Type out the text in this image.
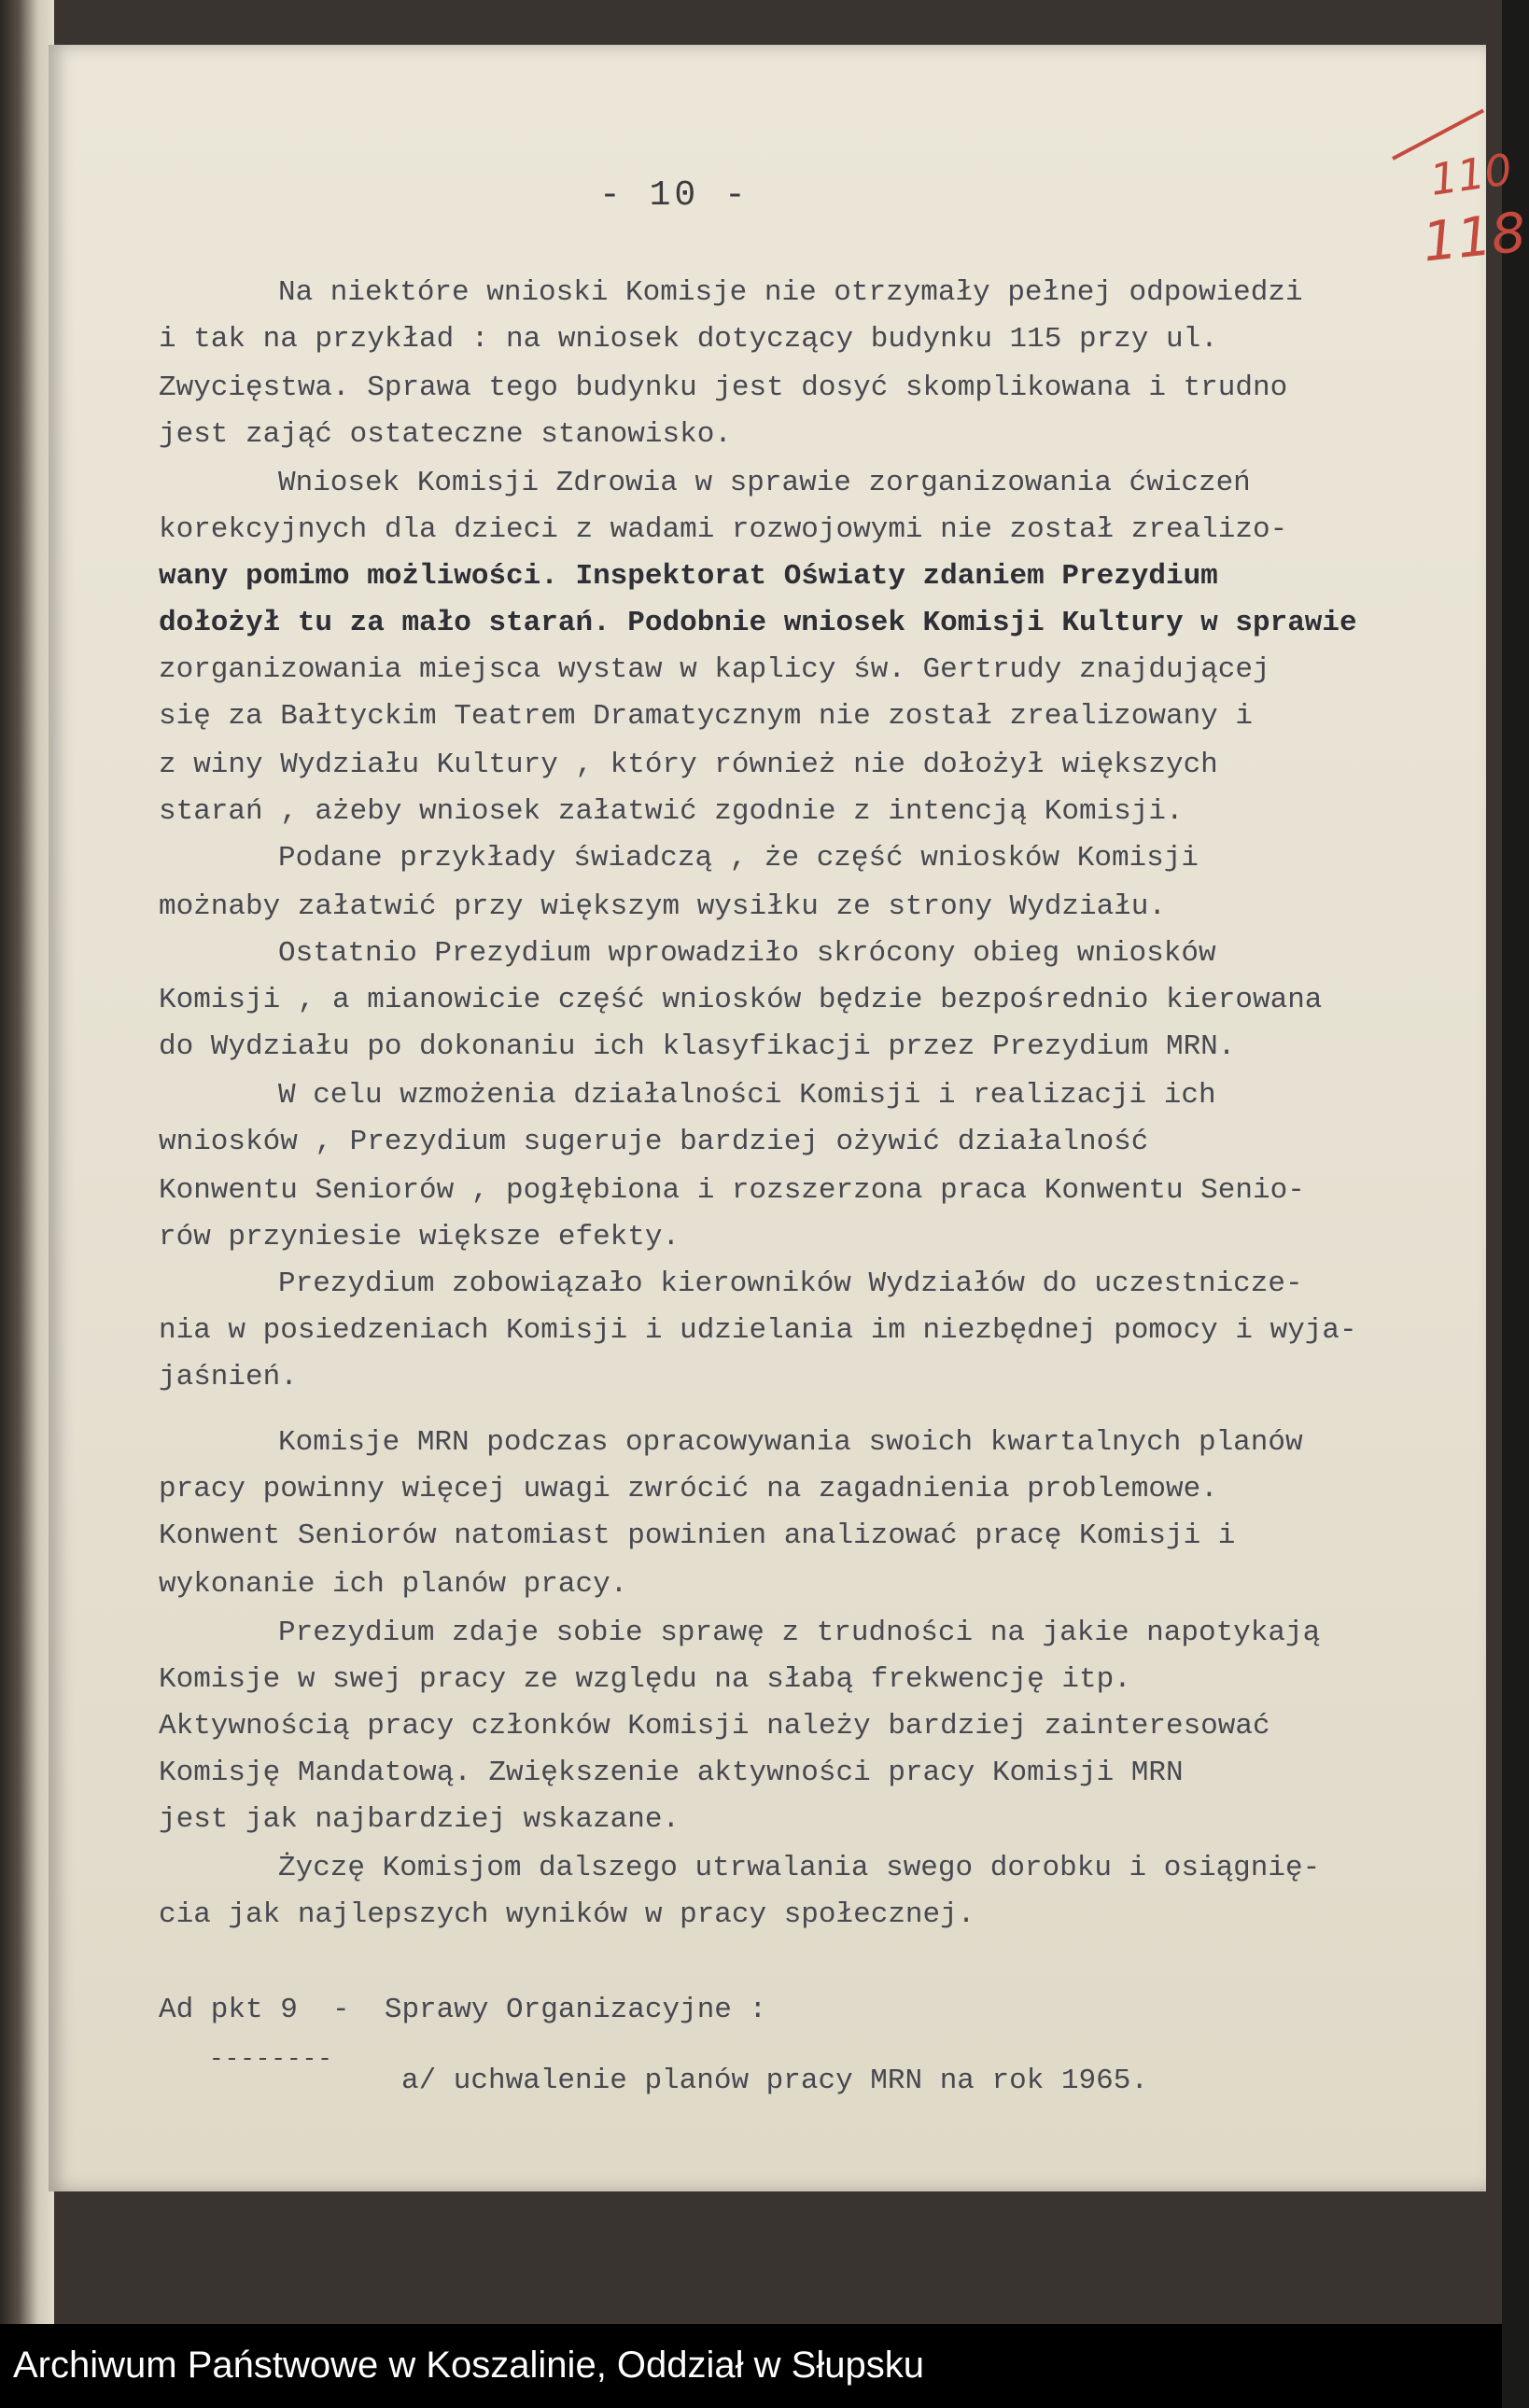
- 10 -	110
118
Na niektóre wnioski Komisje nie otrzymały pełnej odpowiedzi
i tak na przykład : na wniosek dotyczący budynku 115 przy ul.
Zwycięstwa. Sprawa tego budynku jest dosyć skomplikowana i trudno
jest zająć ostateczne stanowisko.
Wniosek Komisji Zdrowia w sprawie zorganizowania ćwiczeń
korekcyjnych dla dzieci z wadami rozwojowymi nie został zrealizo-
wany pomimo możliwości. Inspektorat Oświaty zdaniem Prezydium
dołożył tu za mało starań. Podobnie wniosek Komisji Kultury w sprawie
zorganizowania miejsca wystaw w kaplicy św. Gertrudy znajdującej
się za Bałtyckim Teatrem Dramatycznym nie został zrealizowany i
z winy Wydziału Kultury , który również nie dołożył większych
starań , ażeby wniosek załatwić zgodnie z intencją Komisji.
Podane przykłady świadczą , że część wniosków Komisji
możnaby załatwić przy większym wysiłku ze strony Wydziału.
Ostatnio Prezydium wprowadziło skrócony obieg wniosków
Komisji , a mianowicie część wniosków będzie bezpośrednio kierowana
do Wydziału po dokonaniu ich klasyfikacji przez Prezydium MRN.
W celu wzmożenia działalności Komisji i realizacji ich
wniosków , Prezydium sugeruje bardziej ożywić działalność
Konwentu Seniorów , pogłębiona i rozszerzona praca Konwentu Senio-
rów przyniesie większe efekty.
Prezydium zobowiązało kierowników Wydziałów do uczestnicze-
nia w posiedzeniach Komisji i udzielania im niezbędnej pomocy i wyja-
jaśnień.
Komisje MRN podczas opracowywania swoich kwartalnych planów
pracy powinny więcej uwagi zwrócić na zagadnienia problemowe.
Konwent Seniorów natomiast powinien analizować pracę Komisji i
wykonanie ich planów pracy.
Prezydium zdaje sobie sprawę z trudności na jakie napotykają
Komisje w swej pracy ze względu na słabą frekwencję itp.
Aktywnością pracy członków Komisji należy bardziej zainteresować
Komisję Mandatową. Zwiększenie aktywności pracy Komisji MRN
jest jak najbardziej wskazane.
Życzę Komisjom dalszego utrwalania swego dorobku i osiągnię-
cia jak najlepszych wyników w pracy społecznej.
Ad pkt 9  -  Sprawy Organizacyjne :
--------
a/ uchwalenie planów pracy MRN na rok 1965.
Archiwum Państwowe w Koszalinie, Oddział w Słupsku
